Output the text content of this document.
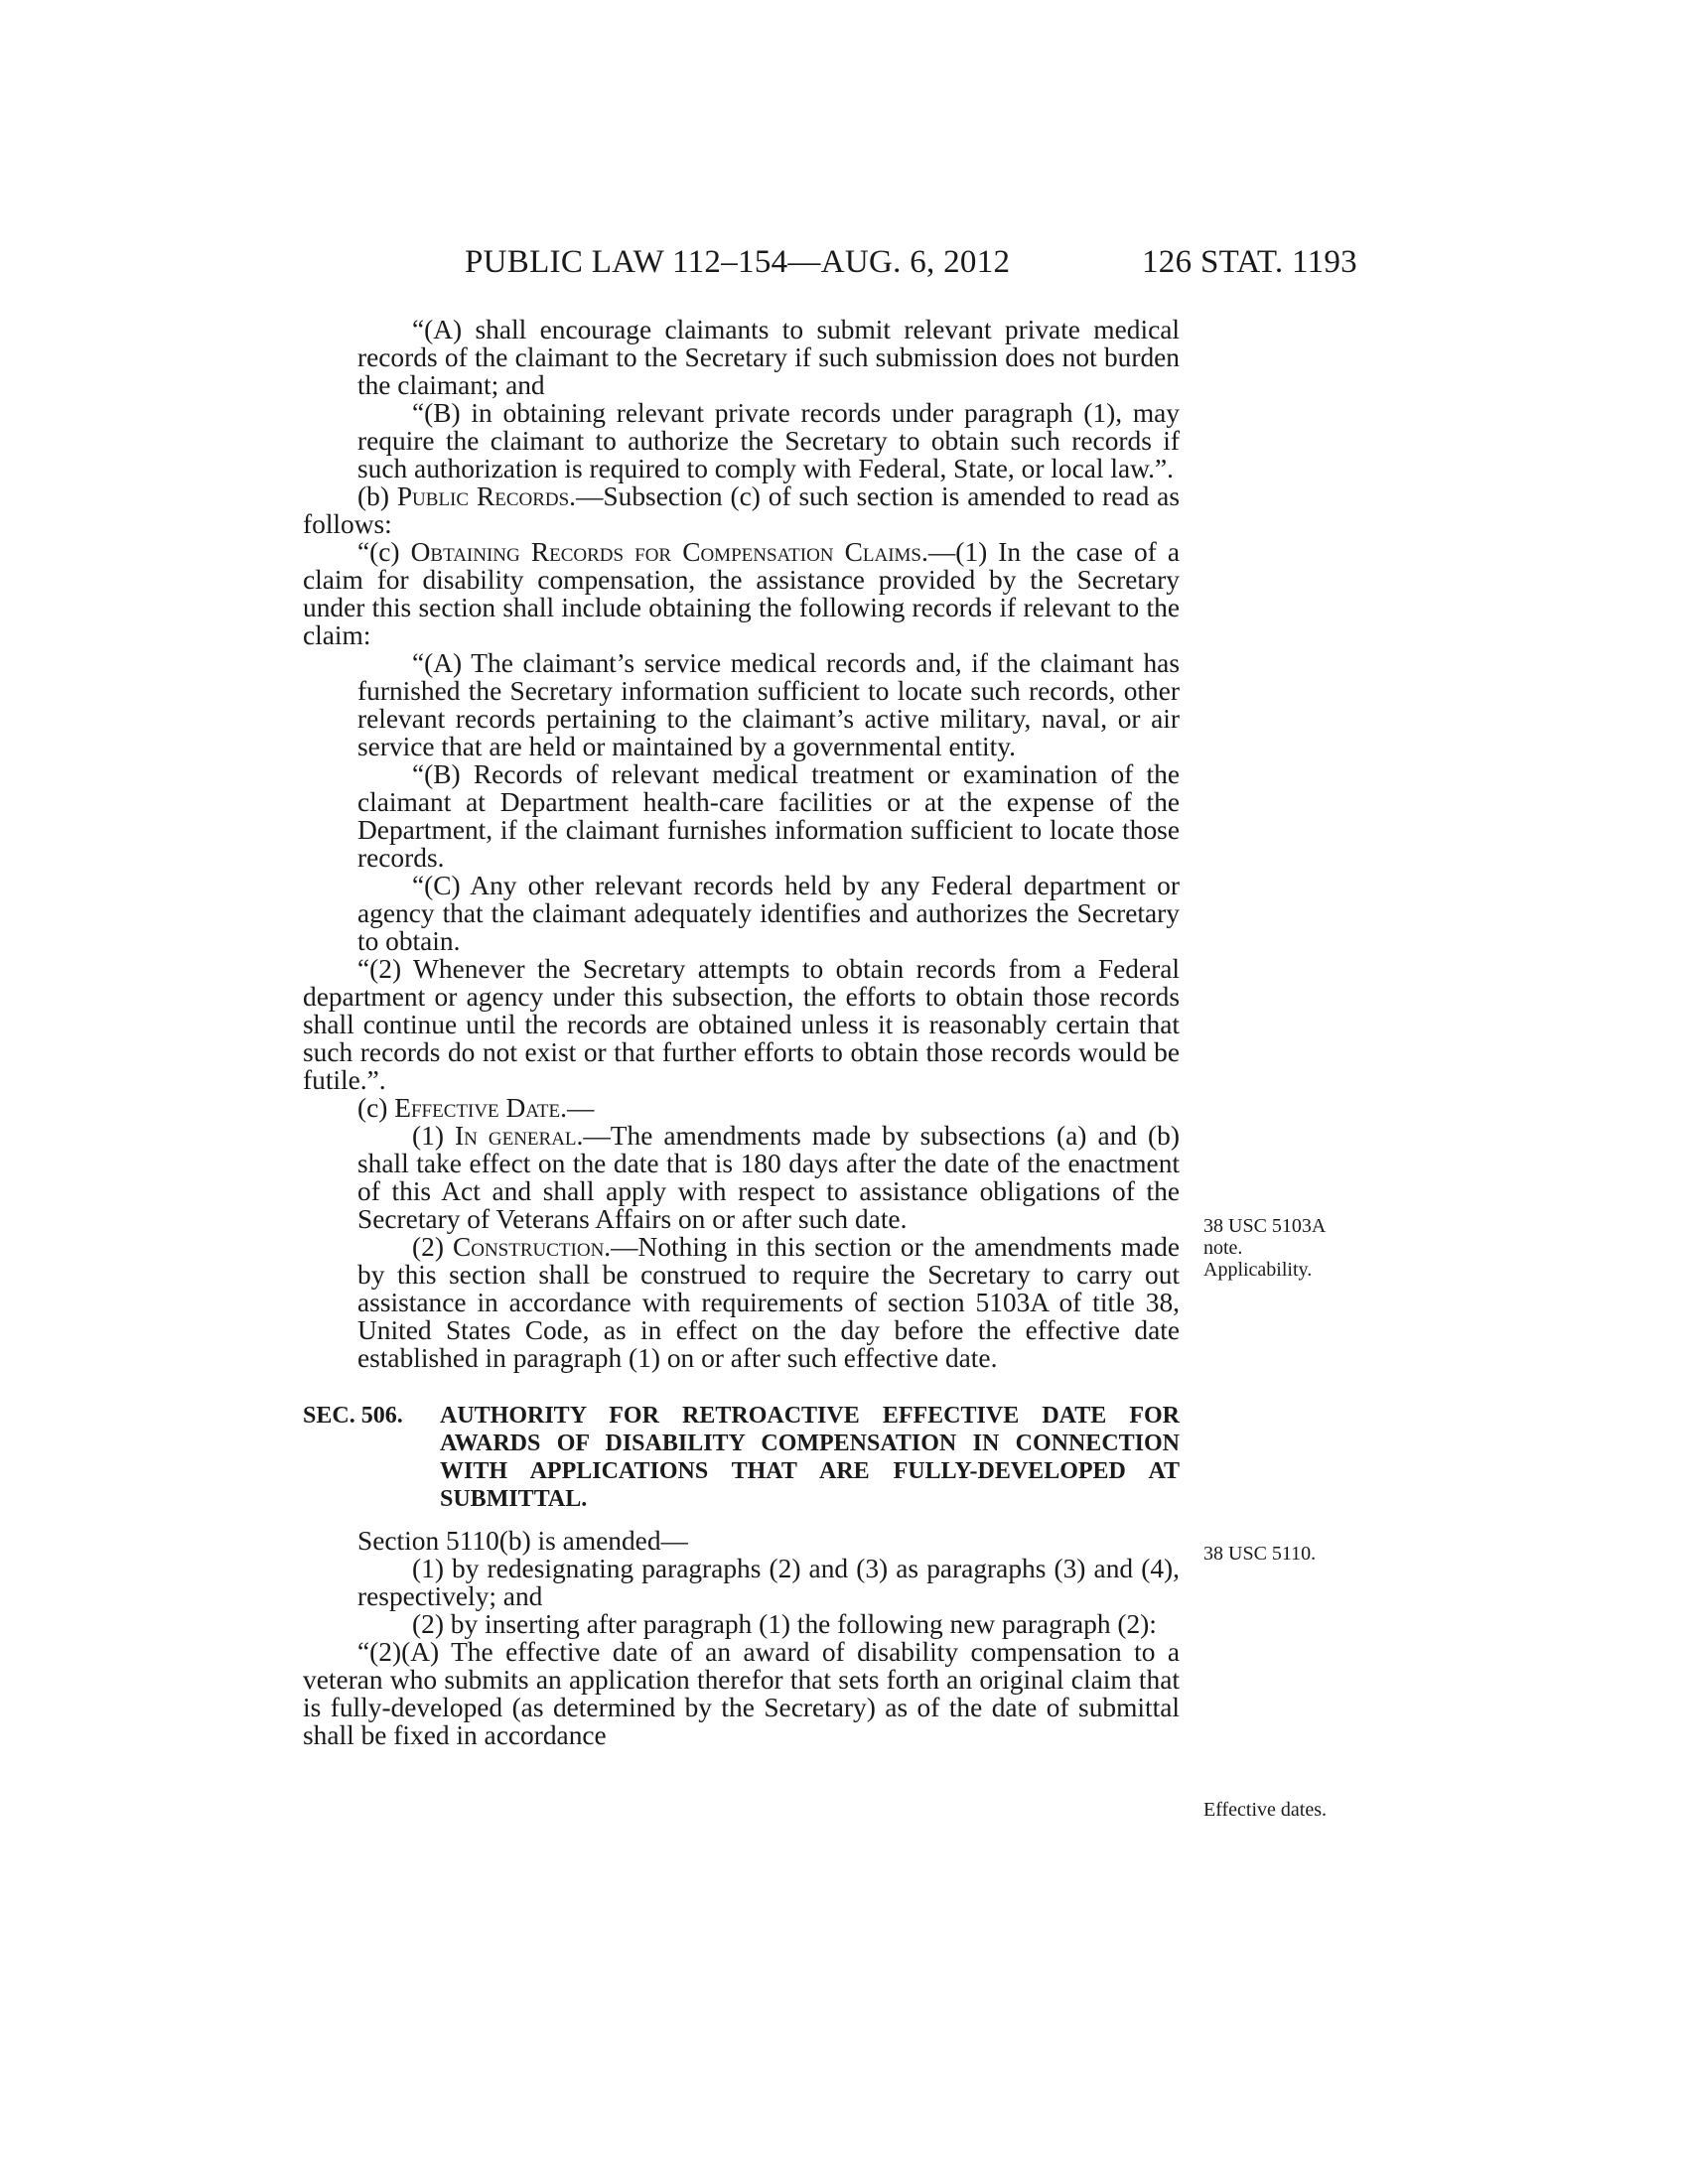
PUBLIC LAW 112–154—AUG. 6, 2012	126 STAT. 1193

“(A) shall encourage claimants to submit relevant private medical records of the claimant to the Secretary if such submission does not burden the claimant; and

“(B) in obtaining relevant private records under paragraph (1), may require the claimant to authorize the Secretary to obtain such records if such authorization is required to comply with Federal, State, or local law.”.

(b) Public Records.—Subsection (c) of such section is amended to read as follows:

“(c) Obtaining Records for Compensation Claims.—(1) In the case of a claim for disability compensation, the assistance provided by the Secretary under this section shall include obtaining the following records if relevant to the claim:

“(A) The claimant’s service medical records and, if the claimant has furnished the Secretary information sufficient to locate such records, other relevant records pertaining to the claimant’s active military, naval, or air service that are held or maintained by a governmental entity.

“(B) Records of relevant medical treatment or examination of the claimant at Department health-care facilities or at the expense of the Department, if the claimant furnishes information sufficient to locate those records.

“(C) Any other relevant records held by any Federal department or agency that the claimant adequately identifies and authorizes the Secretary to obtain.

“(2) Whenever the Secretary attempts to obtain records from a Federal department or agency under this subsection, the efforts to obtain those records shall continue until the records are obtained unless it is reasonably certain that such records do not exist or that further efforts to obtain those records would be futile.”.

(c) Effective Date.—

(1) In general.—The amendments made by subsections (a) and (b) shall take effect on the date that is 180 days after the date of the enactment of this Act and shall apply with respect to assistance obligations of the Secretary of Veterans Affairs on or after such date.

(2) Construction.—Nothing in this section or the amendments made by this section shall be construed to require the Secretary to carry out assistance in accordance with requirements of section 5103A of title 38, United States Code, as in effect on the day before the effective date established in paragraph (1) on or after such effective date.

SEC. 506. AUTHORITY FOR RETROACTIVE EFFECTIVE DATE FOR AWARDS OF DISABILITY COMPENSATION IN CONNECTION WITH APPLICATIONS THAT ARE FULLY-DEVELOPED AT SUBMITTAL.

Section 5110(b) is amended—

(1) by redesignating paragraphs (2) and (3) as paragraphs (3) and (4), respectively; and

(2) by inserting after paragraph (1) the following new paragraph (2):

“(2)(A) The effective date of an award of disability compensation to a veteran who submits an application therefor that sets forth an original claim that is fully-developed (as determined by the Secretary) as of the date of submittal shall be fixed in accordance

38 USC 5103A
note.
Applicability.
38 USC 5110.
Effective dates.
